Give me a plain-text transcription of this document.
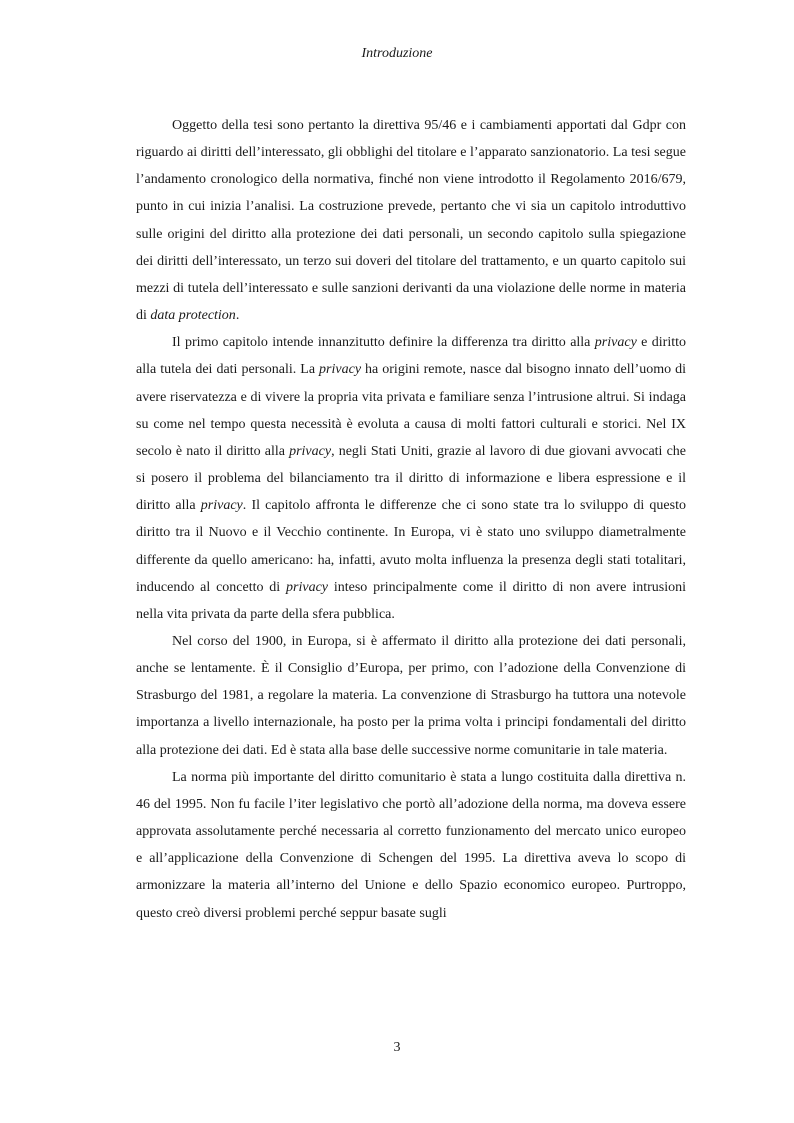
Introduzione

Oggetto della tesi sono pertanto la direttiva 95/46 e i cambiamenti apportati dal Gdpr con riguardo ai diritti dell’interessato, gli obblighi del titolare e l’apparato sanzionatorio. La tesi segue l’andamento cronologico della normativa, finché non viene introdotto il Regolamento 2016/679, punto in cui inizia l’analisi. La costruzione prevede, pertanto che vi sia un capitolo introduttivo sulle origini del diritto alla protezione dei dati personali, un secondo capitolo sulla spiegazione dei diritti dell’interessato, un terzo sui doveri del titolare del trattamento, e un quarto capitolo sui mezzi di tutela dell’interessato e sulle sanzioni derivanti da una violazione delle norme in materia di data protection.

Il primo capitolo intende innanzitutto definire la differenza tra diritto alla privacy e diritto alla tutela dei dati personali. La privacy ha origini remote, nasce dal bisogno innato dell’uomo di avere riservatezza e di vivere la propria vita privata e familiare senza l’intrusione altrui. Si indaga su come nel tempo questa necessità è evoluta a causa di molti fattori culturali e storici. Nel IX secolo è nato il diritto alla privacy, negli Stati Uniti, grazie al lavoro di due giovani avvocati che si posero il problema del bilanciamento tra il diritto di informazione e libera espressione e il diritto alla privacy. Il capitolo affronta le differenze che ci sono state tra lo sviluppo di questo diritto tra il Nuovo e il Vecchio continente. In Europa, vi è stato uno sviluppo diametralmente differente da quello americano: ha, infatti, avuto molta influenza la presenza degli stati totalitari, inducendo al concetto di privacy inteso principalmente come il diritto di non avere intrusioni nella vita privata da parte della sfera pubblica.

Nel corso del 1900, in Europa, si è affermato il diritto alla protezione dei dati personali, anche se lentamente. È il Consiglio d’Europa, per primo, con l’adozione della Convenzione di Strasburgo del 1981, a regolare la materia. La convenzione di Strasburgo ha tuttora una notevole importanza a livello internazionale, ha posto per la prima volta i principi fondamentali del diritto alla protezione dei dati. Ed è stata alla base delle successive norme comunitarie in tale materia.

La norma più importante del diritto comunitario è stata a lungo costituita dalla direttiva n. 46 del 1995. Non fu facile l’iter legislativo che portò all’adozione della norma, ma doveva essere approvata assolutamente perché necessaria al corretto funzionamento del mercato unico europeo e all’applicazione della Convenzione di Schengen del 1995. La direttiva aveva lo scopo di armonizzare la materia all’interno del Unione e dello Spazio economico europeo. Purtroppo, questo creò diversi problemi perché seppur basate sugli

3
